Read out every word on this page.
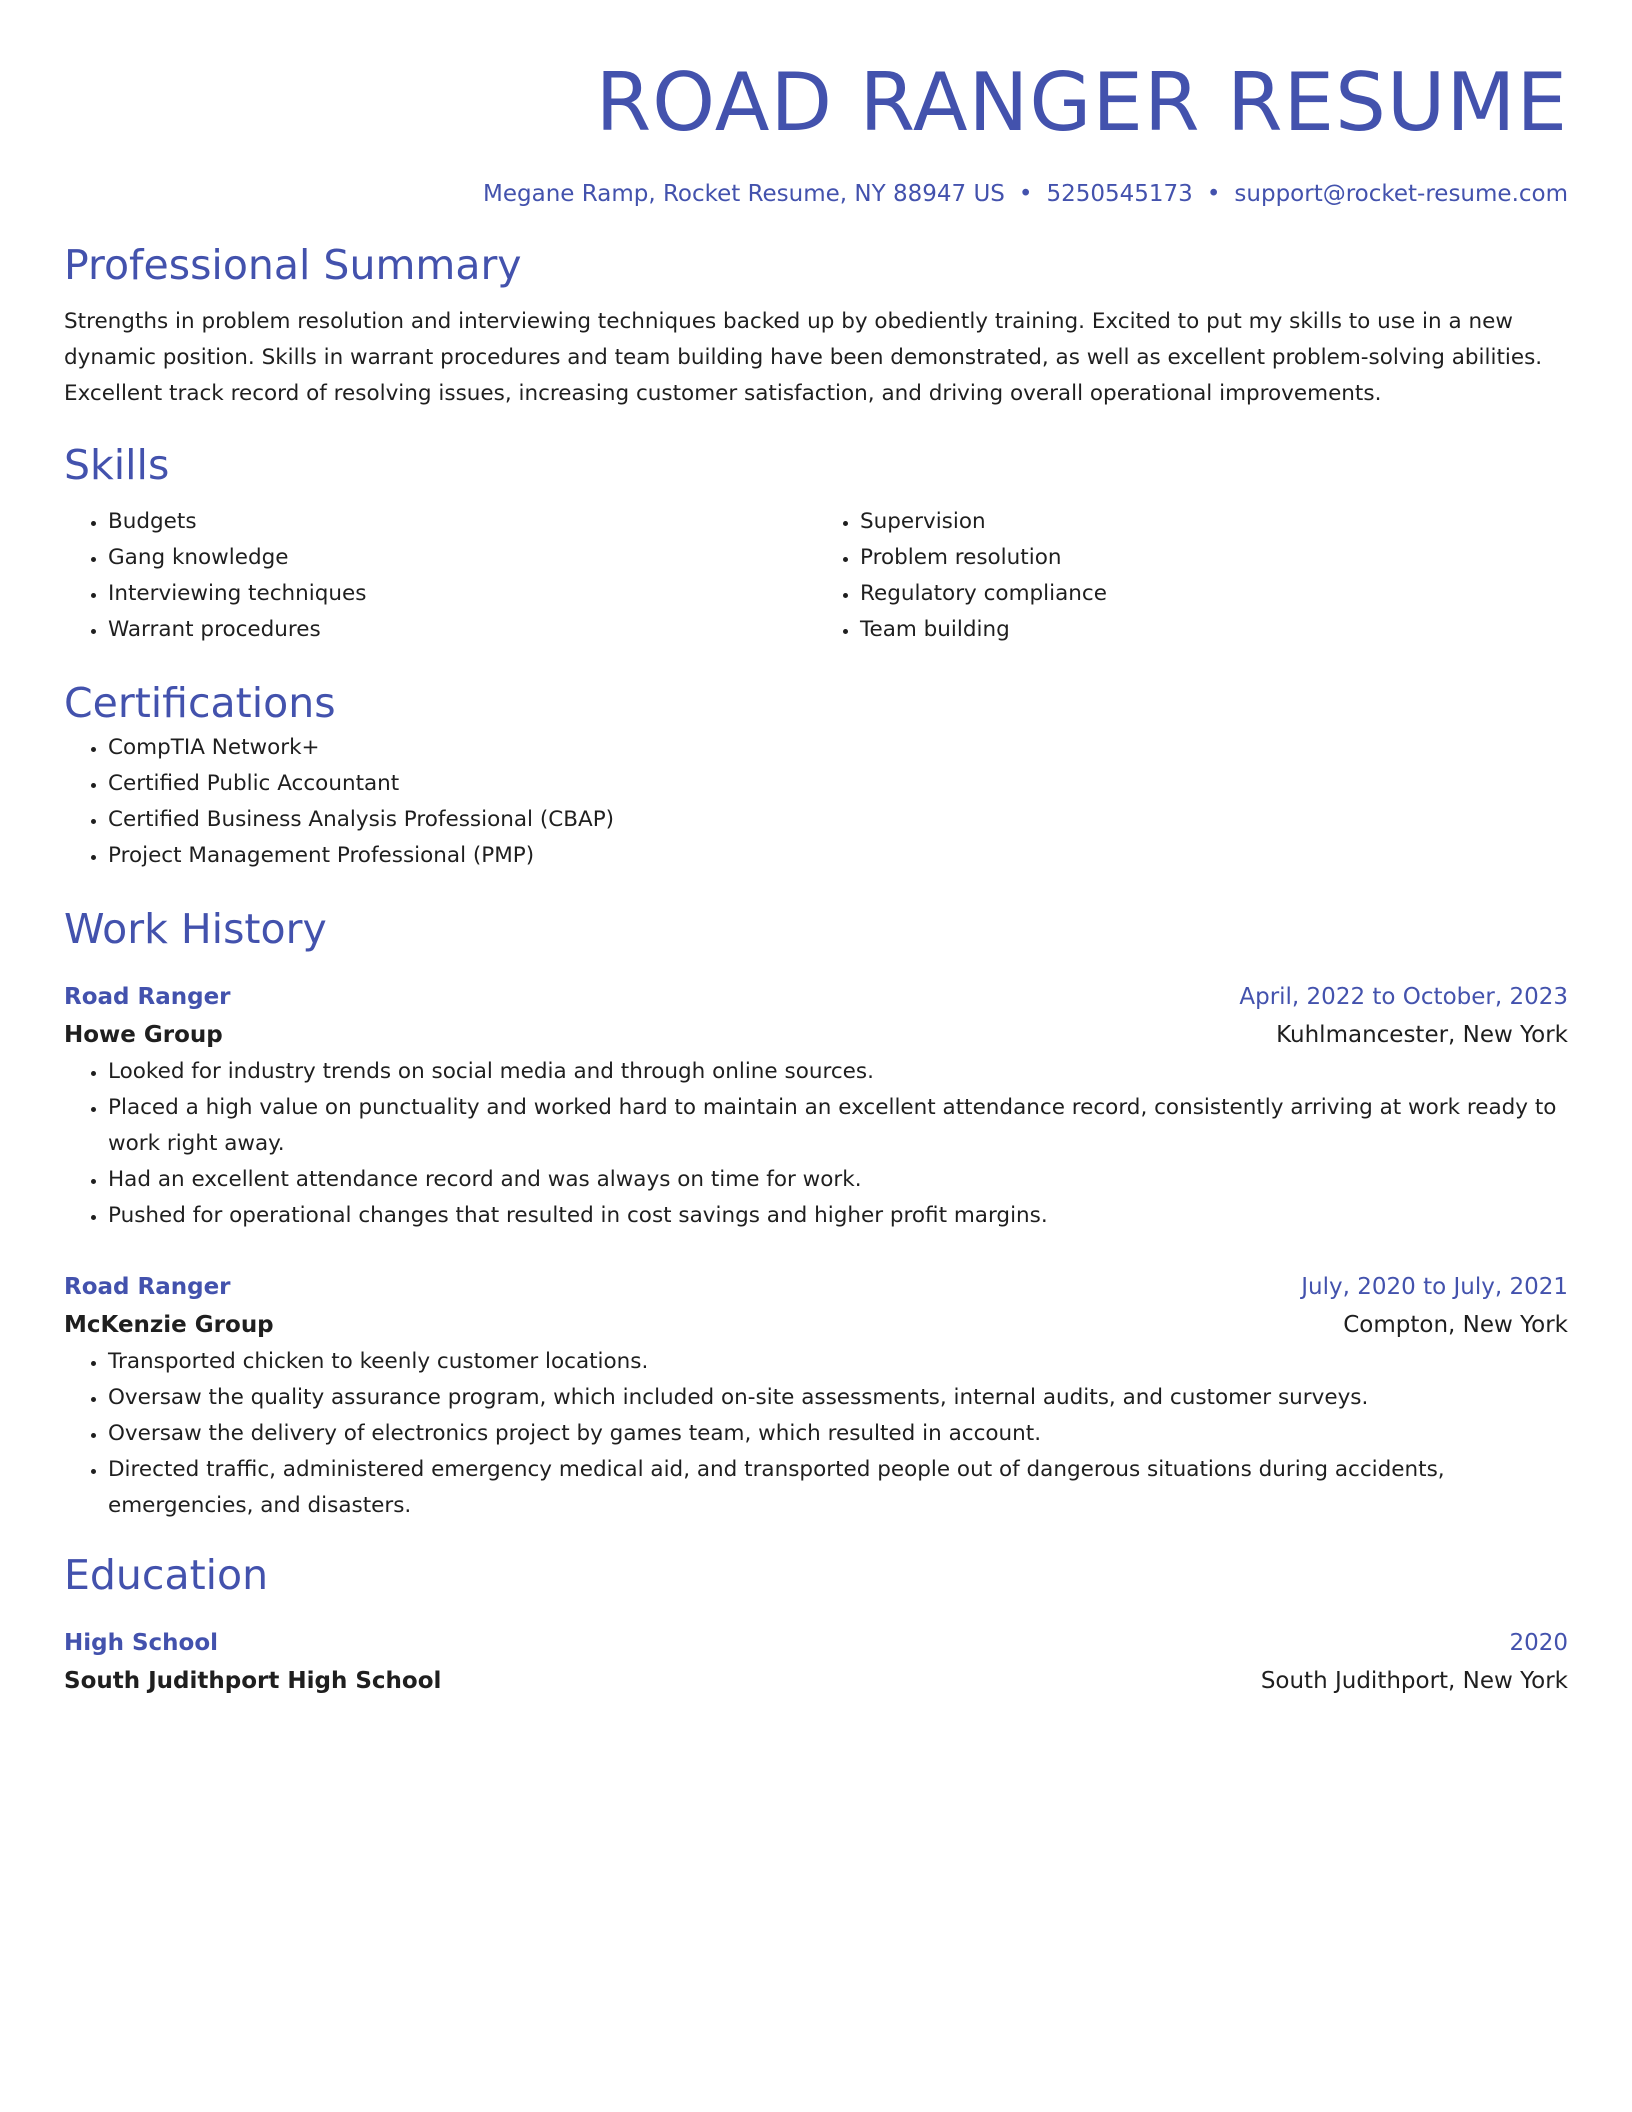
ROAD RANGER RESUME
Megane Ramp, Rocket Resume, NY 88947 US • 5250545173 • support@rocket-resume.com
Professional Summary
Strengths in problem resolution and interviewing techniques backed up by obediently training. Excited to put my skills to use in a new dynamic position. Skills in warrant procedures and team building have been demonstrated, as well as excellent problem-solving abilities. Excellent track record of resolving issues, increasing customer satisfaction, and driving overall operational improvements.
Skills
• Budgets
• Gang knowledge
• Interviewing techniques
• Warrant procedures
• Supervision
• Problem resolution
• Regulatory compliance
• Team building
Certifications
• CompTIA Network+
• Certified Public Accountant
• Certified Business Analysis Professional (CBAP)
• Project Management Professional (PMP)
Work History
Road Ranger	April, 2022 to October, 2023
Howe Group	Kuhlmancester, New York
• Looked for industry trends on social media and through online sources.
• Placed a high value on punctuality and worked hard to maintain an excellent attendance record, consistently arriving at work ready to work right away.
• Had an excellent attendance record and was always on time for work.
• Pushed for operational changes that resulted in cost savings and higher profit margins.
Road Ranger	July, 2020 to July, 2021
McKenzie Group	Compton, New York
• Transported chicken to keenly customer locations.
• Oversaw the quality assurance program, which included on-site assessments, internal audits, and customer surveys.
• Oversaw the delivery of electronics project by games team, which resulted in account.
• Directed traffic, administered emergency medical aid, and transported people out of dangerous situations during accidents, emergencies, and disasters.
Education
High School	2020
South Judithport High School	South Judithport, New York
